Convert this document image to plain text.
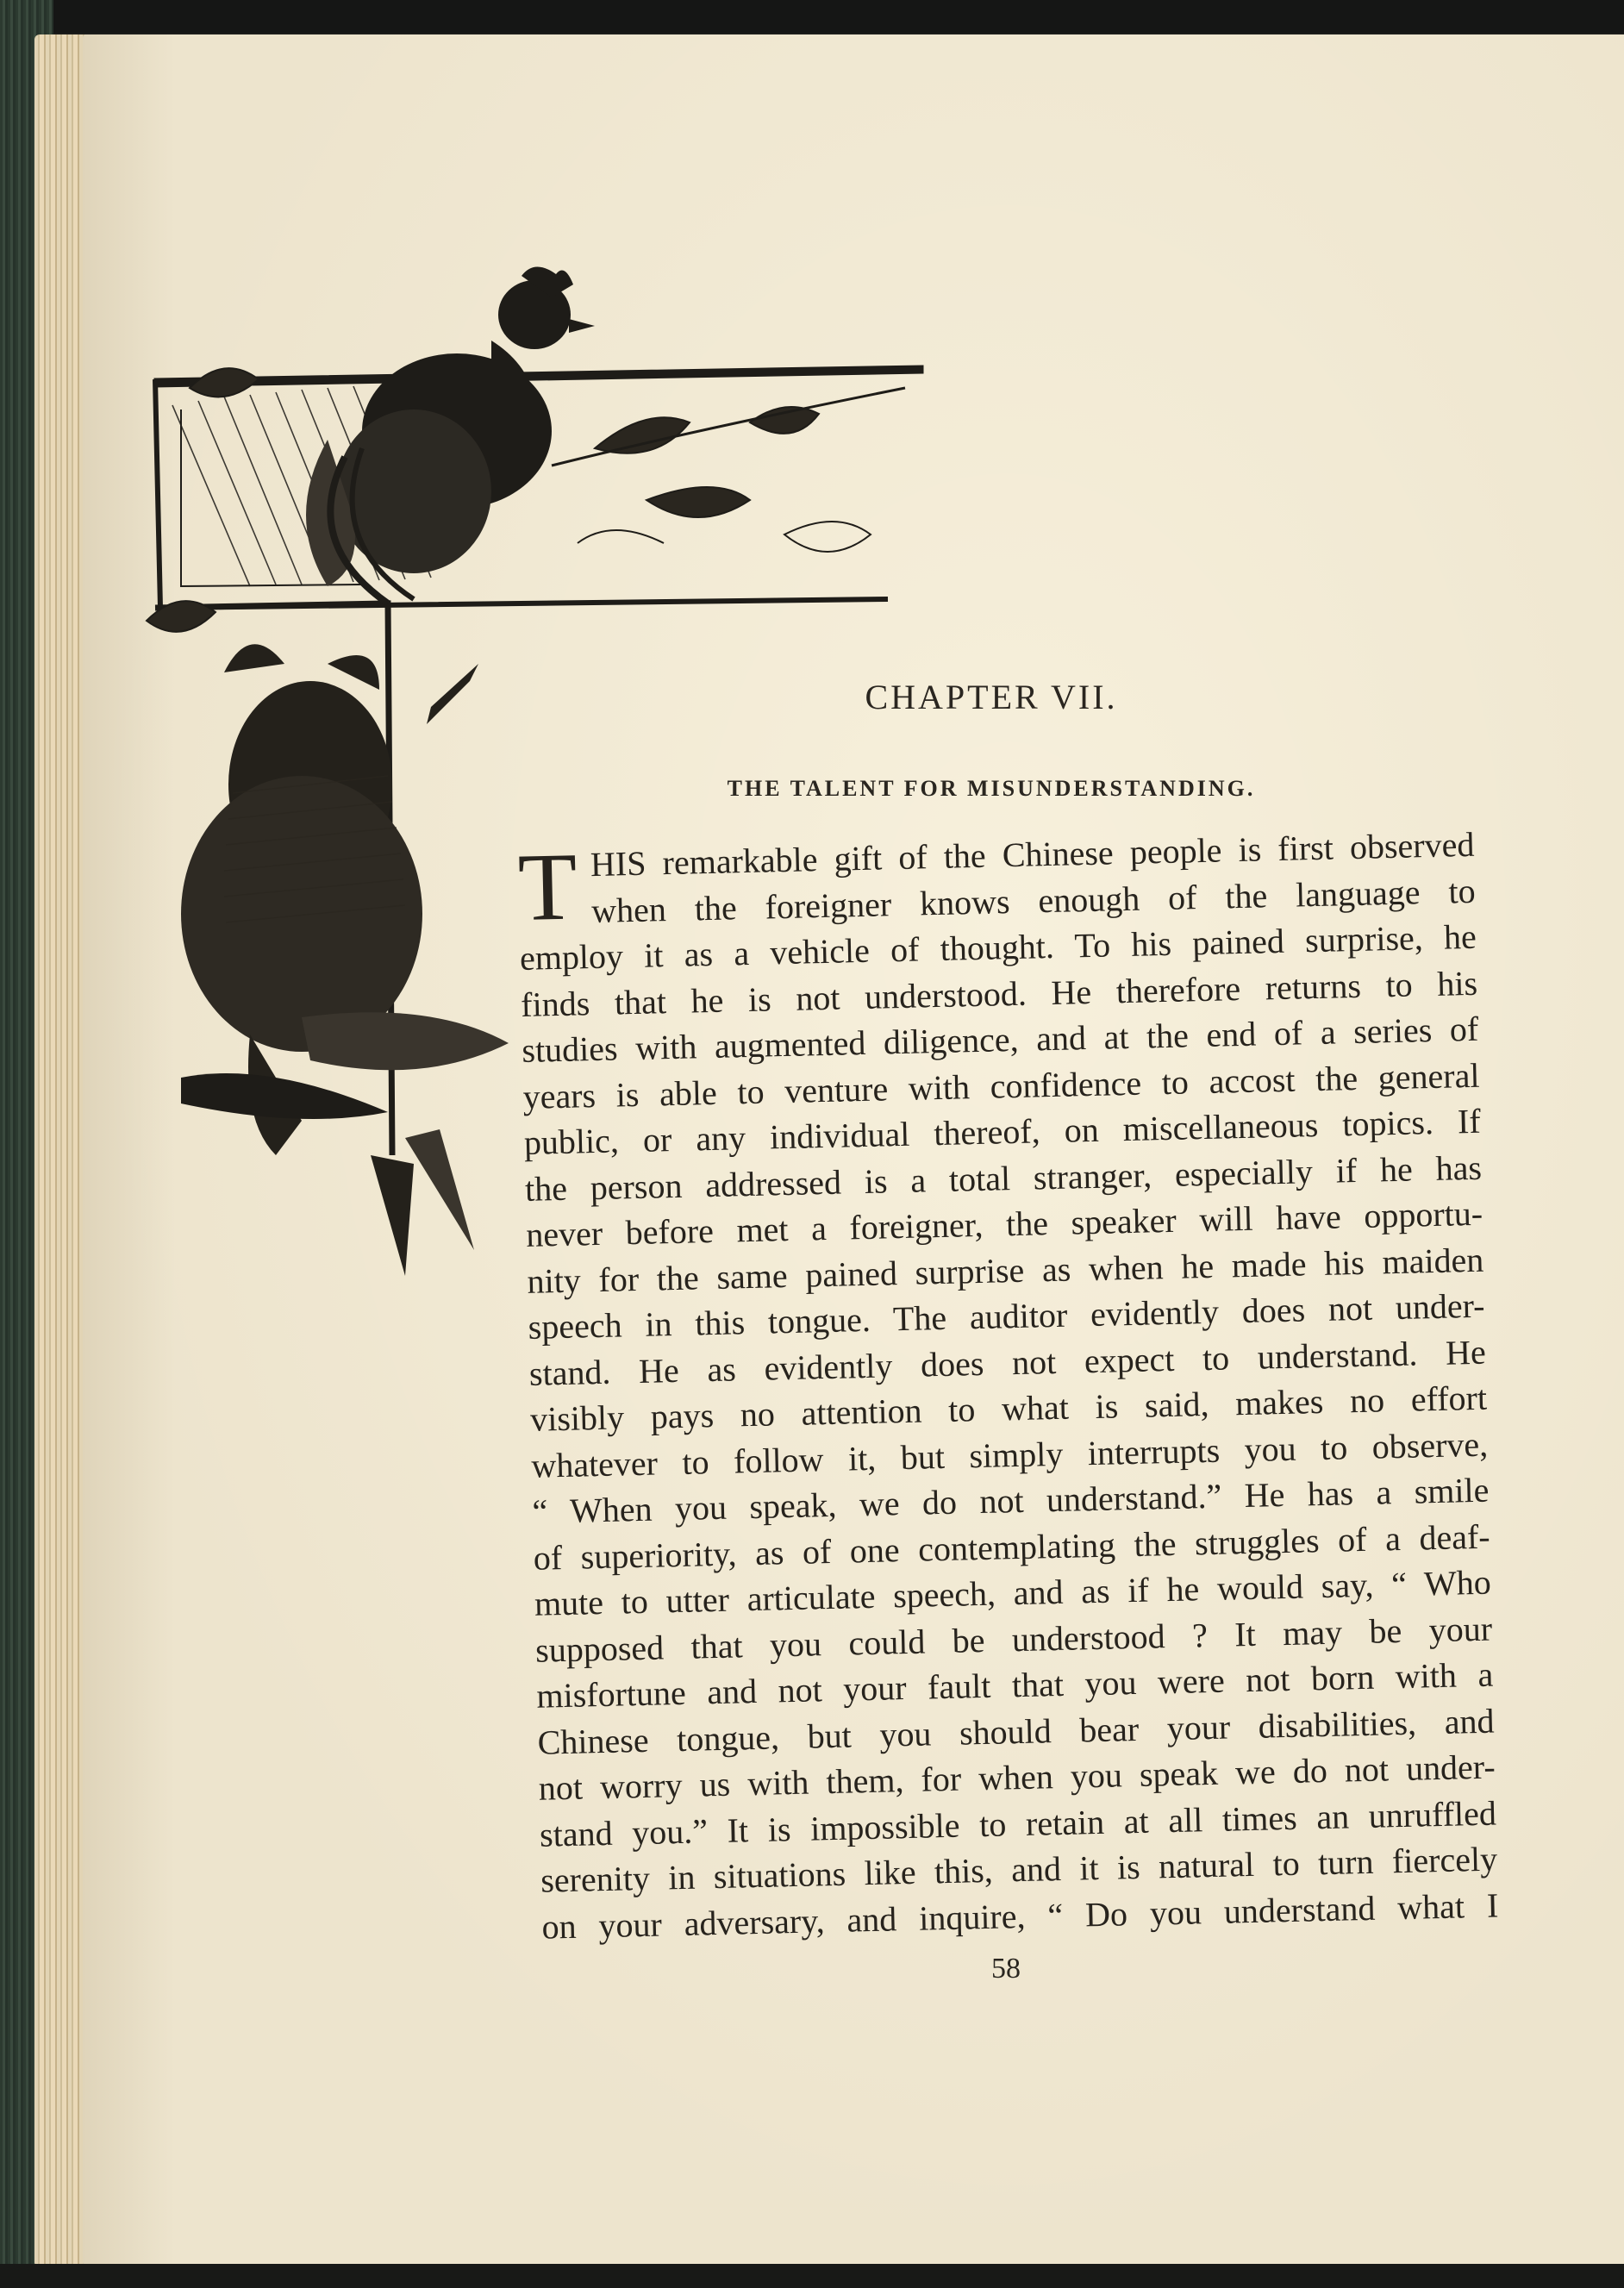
CHAPTER VII.
THE TALENT FOR MISUNDERSTANDING.
T HIS remarkable gift of the Chinese people is first observed
when the foreigner knows enough of the language to
employ it as a vehicle of thought. To his pained surprise, he
finds that he is not understood. He therefore returns to his
studies with augmented diligence, and at the end of a series of
years is able to venture with confidence to accost the general
public, or any individual thereof, on miscellaneous topics. If
the person addressed is a total stranger, especially if he has
never before met a foreigner, the speaker will have opportu-
nity for the same pained surprise as when he made his maiden
speech in this tongue. The auditor evidently does not under-
stand. He as evidently does not expect to understand. He
visibly pays no attention to what is said, makes no effort
whatever to follow it, but simply interrupts you to observe,
“ When you speak, we do not understand.” He has a smile
of superiority, as of one contemplating the struggles of a deaf-
mute to utter articulate speech, and as if he would say, “ Who
supposed that you could be understood ? It may be your
misfortune and not your fault that you were not born with a
Chinese tongue, but you should bear your disabilities, and
not worry us with them, for when you speak we do not under-
stand you.” It is impossible to retain at all times an unruffled
serenity in situations like this, and it is natural to turn fiercely
on your adversary, and inquire, “ Do you understand what I
58
